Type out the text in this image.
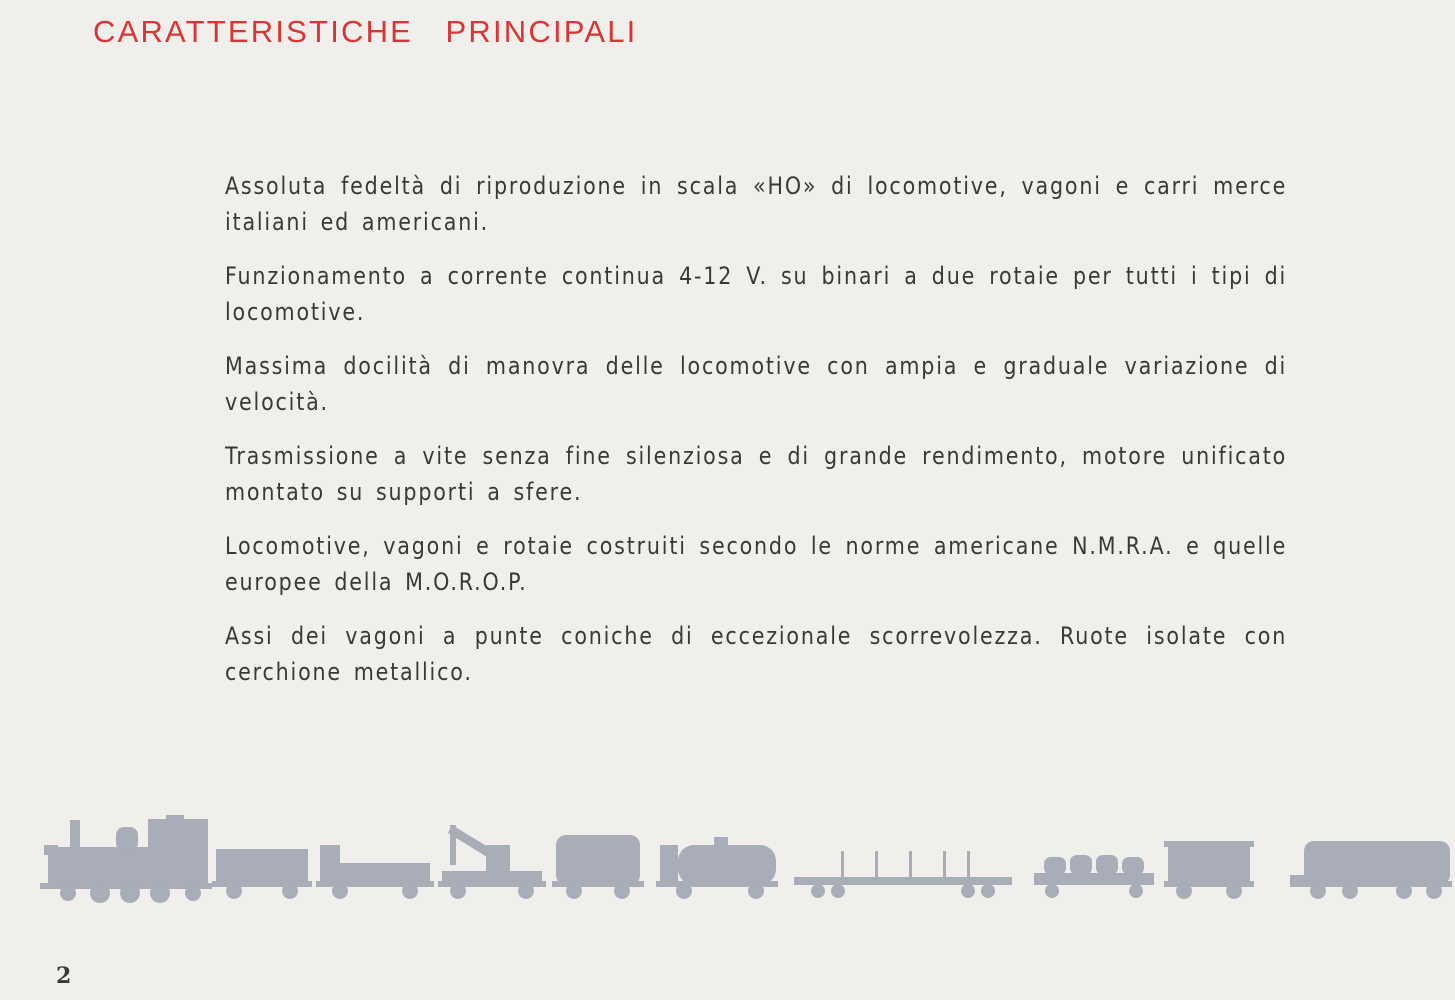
CARATTERISTICHE   PRINCIPALI

Assoluta fedeltà di riproduzione in scala «HO» di locomotive, vagoni e carri merce italiani ed americani.

Funzionamento a corrente continua 4-12 V. su binari a due rotaie per tutti i tipi di locomotive.

Massima docilità di manovra delle locomotive con ampia e graduale variazione di velocità.

Trasmissione a vite senza fine silenziosa e di grande rendimento, motore unificato montato su supporti a sfere.

Locomotive, vagoni e rotaie costruiti secondo le norme americane N.M.R.A. e quelle europee della M.O.R.O.P.

Assi dei vagoni a punte coniche di eccezionale scorrevolezza. Ruote isolate con cerchione metallico.

2
